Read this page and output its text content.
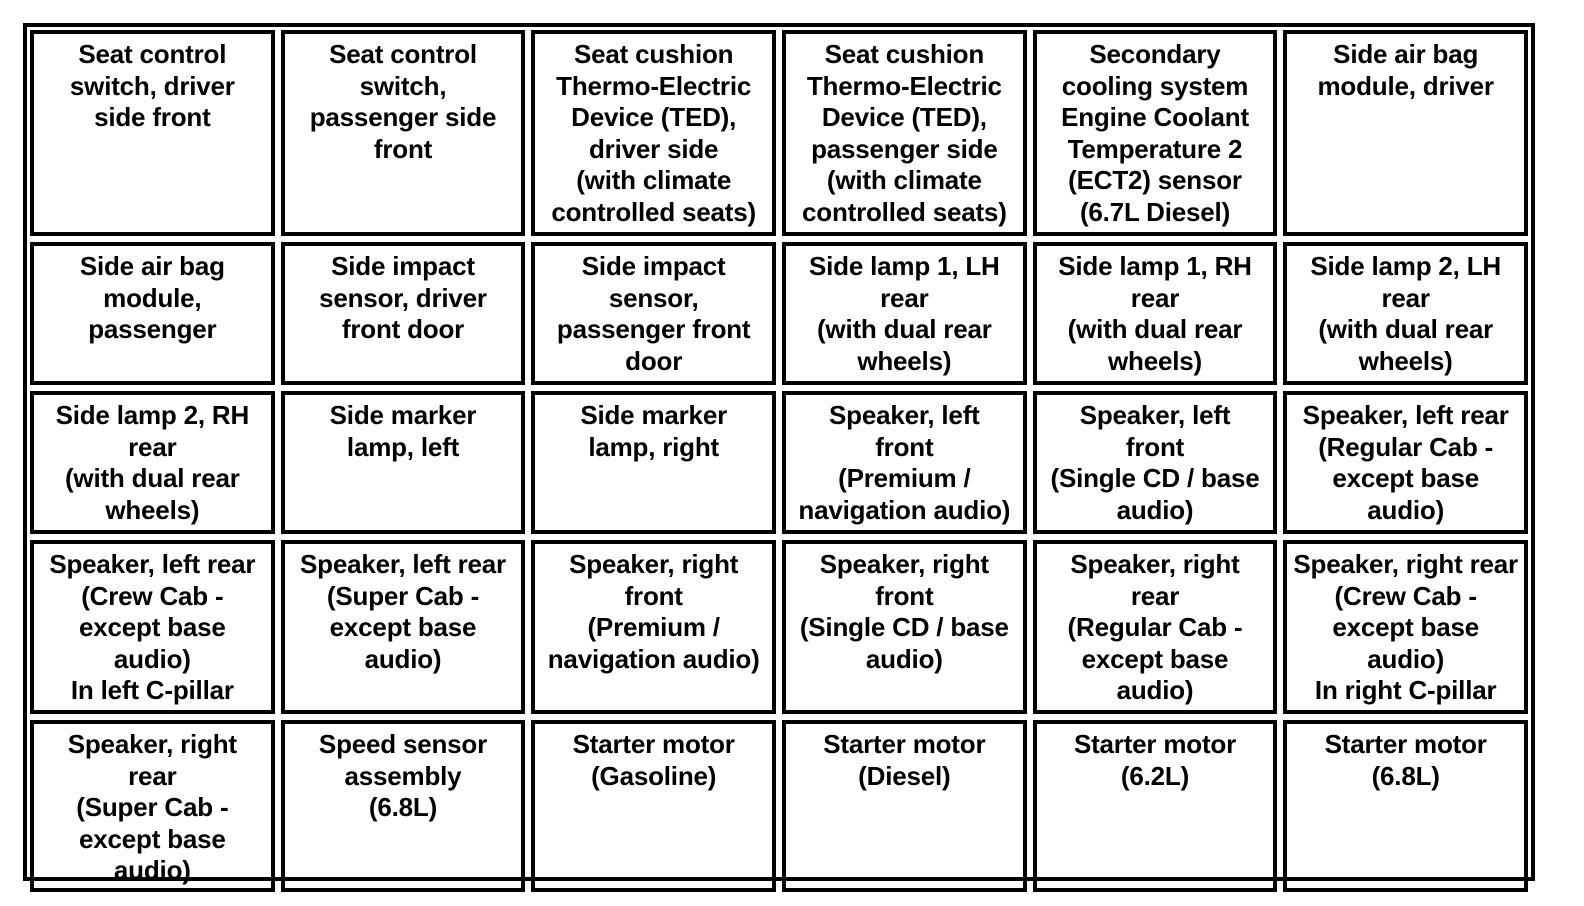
Seat control
switch, driver
side front
Seat control
switch,
passenger side
front
Seat cushion
Thermo-Electric
Device (TED),
driver side
(with climate
controlled seats)
Seat cushion
Thermo-Electric
Device (TED),
passenger side
(with climate
controlled seats)
Secondary
cooling system
Engine Coolant
Temperature 2
(ECT2) sensor
(6.7L Diesel)
Side air bag
module, driver
Side air bag
module,
passenger
Side impact
sensor, driver
front door
Side impact
sensor,
passenger front
door
Side lamp 1, LH
rear
(with dual rear
wheels)
Side lamp 1, RH
rear
(with dual rear
wheels)
Side lamp 2, LH
rear
(with dual rear
wheels)
Side lamp 2, RH
rear
(with dual rear
wheels)
Side marker
lamp, left
Side marker
lamp, right
Speaker, left
front
(Premium /
navigation audio)
Speaker, left
front
(Single CD / base
audio)
Speaker, left rear
(Regular Cab -
except base
audio)
Speaker, left rear
(Crew Cab -
except base
audio)
In left C-pillar
Speaker, left rear
(Super Cab -
except base
audio)
Speaker, right
front
(Premium /
navigation audio)
Speaker, right
front
(Single CD / base
audio)
Speaker, right
rear
(Regular Cab -
except base
audio)
Speaker, right rear
(Crew Cab -
except base
audio)
In right C-pillar
Speaker, right
rear
(Super Cab -
except base
audio)
Speed sensor
assembly
(6.8L)
Starter motor
(Gasoline)
Starter motor
(Diesel)
Starter motor
(6.2L)
Starter motor
(6.8L)
